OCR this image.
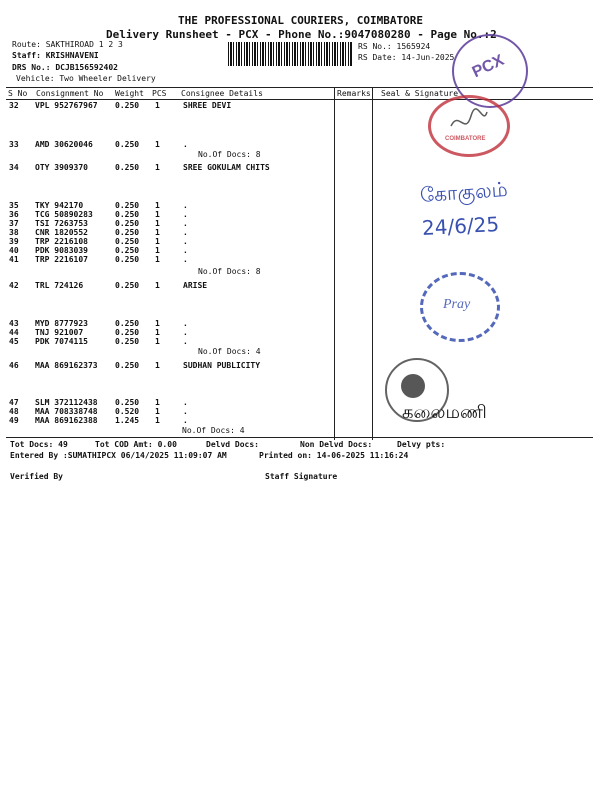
THE PROFESSIONAL COURIERS, COIMBATORE
Delivery Runsheet - PCX - Phone No.:9047080280 - Page No.:2
Route: SAKTHIROAD 1 2 3
Staff: KRISHNAVENI
DRS No.: DCJB156592402
Vehicle: Two Wheeler Delivery
RS No.: 1565924
RS Date: 14-Jun-2025
S No Consignment No Weight PCS Consignee Details	Remarks Seal & Signature
32 VPL 952767967 0.250 1	SHREE DEVI
33 AMD 30620046	0.250 1	.
34 OTY 3909370	0.250 1	SREE GOKULAM CHITS
35 TKY 942170	0.250 1	.
36 TCG 50890283	0.250 1	.
37 TSI 7263753	0.250 1	.
38 CNR 1820552	0.250 1	.
39 TRP 2216108	0.250 1	.
40 PDK 9083039	0.250 1	.
41 TRP 2216107	0.250 1	.
42 TRL 724126	0.250 1	ARISE
43 MYD 8777923	0.250 1	.
44 TNJ 921007	0.250 1	.
45 PDK 7074115	0.250 1	.
46 MAA 869162373 0.250 1	SUDHAN PUBLICITY
47 SLM 372112438 0.250 1	.
48 MAA 708338748 0.520 1	.
49 MAA 869162388 1.245 1	.
No.Of Docs: 8
No.Of Docs: 8
No.Of Docs: 4
No.Of Docs: 4
Tot Docs: 49	Tot COD Amt: 0.00	Delvd Docs:	Non Delvd Docs:	Delvy pts:
Entered By :SUMATHIPCX 06/14/2025 11:09:07 AM	Printed on: 14-06-2025 11:16:24
Verified By	Staff Signature
PCX
COIMBATORE
கோகுலம்
24/6/25
Pray
கலைமணி
